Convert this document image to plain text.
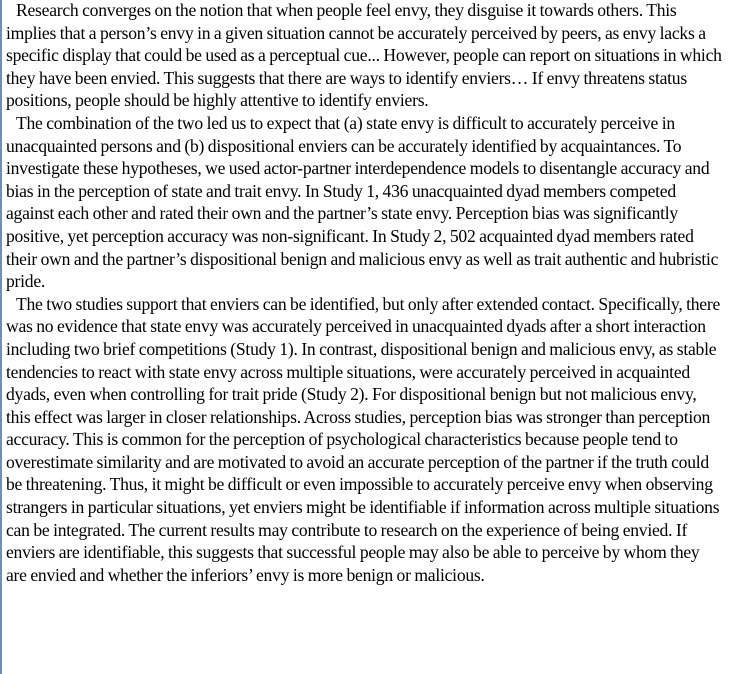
Research converges on the notion that when people feel envy, they disguise it towards others. This implies that a person’s envy in a given situation cannot be accurately perceived by peers, as envy lacks a specific display that could be used as a perceptual cue... However, people can report on situations in which they have been envied. This suggests that there are ways to identify enviers… If envy threatens status positions, people should be highly attentive to identify enviers.

The combination of the two led us to expect that (a) state envy is difficult to accurately perceive in unacquainted persons and (b) dispositional enviers can be accurately identified by acquaintances. To investigate these hypotheses, we used actor-partner interdependence models to disentangle accuracy and bias in the perception of state and trait envy. In Study 1, 436 unacquainted dyad members competed against each other and rated their own and the partner’s state envy. Perception bias was significantly positive, yet perception accuracy was non-significant. In Study 2, 502 acquainted dyad members rated their own and the partner’s dispositional benign and malicious envy as well as trait authentic and hubristic pride.

The two studies support that enviers can be identified, but only after extended contact. Specifically, there was no evidence that state envy was accurately perceived in unacquainted dyads after a short interaction including two brief competitions (Study 1). In contrast, dispositional benign and malicious envy, as stable tendencies to react with state envy across multiple situations, were accurately perceived in acquainted dyads, even when controlling for trait pride (Study 2). For dispositional benign but not malicious envy, this effect was larger in closer relationships. Across studies, perception bias was stronger than perception accuracy. This is common for the perception of psychological characteristics because people tend to overestimate similarity and are motivated to avoid an accurate perception of the partner if the truth could be threatening. Thus, it might be difficult or even impossible to accurately perceive envy when observing strangers in particular situations, yet enviers might be identifiable if information across multiple situations can be integrated. The current results may contribute to research on the experience of being envied. If enviers are identifiable, this suggests that successful people may also be able to perceive by whom they are envied and whether the inferiors’ envy is more benign or malicious.
